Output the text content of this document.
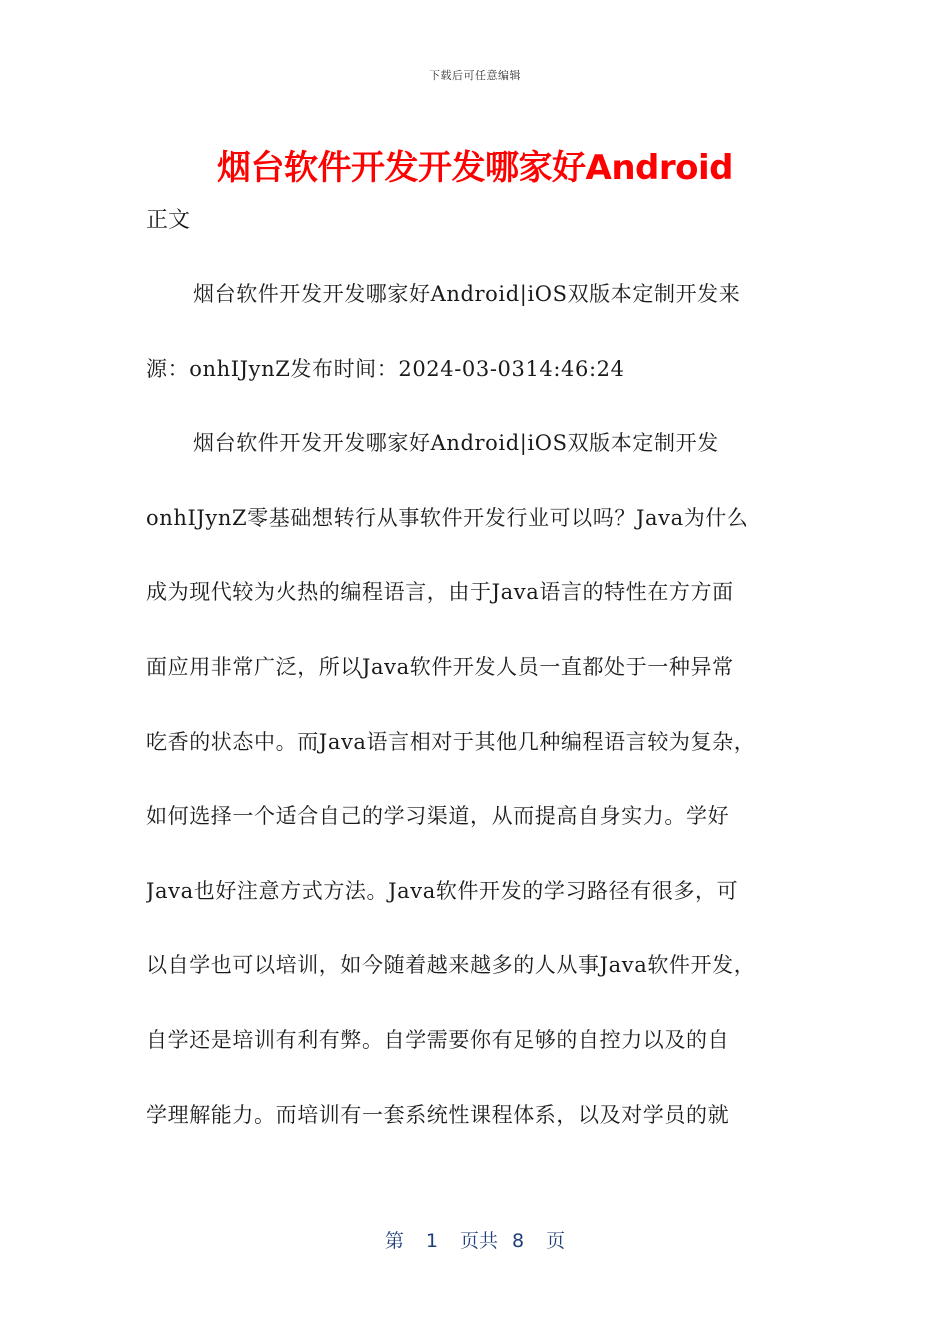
下载后可任意编辑
烟台软件开发开发哪家好Android
正文
烟台软件开发开发哪家好Android|iOS双版本定制开发来
源：onhIJynZ发布时间：2024-03-0314:46:24
烟台软件开发开发哪家好Android|iOS双版本定制开发
onhIJynZ零基础想转行从事软件开发行业可以吗？Java为什么
成为现代较为火热的编程语言，由于Java语言的特性在方方面
面应用非常广泛，所以Java软件开发人员一直都处于一种异常
吃香的状态中。而Java语言相对于其他几种编程语言较为复杂，
如何选择一个适合自己的学习渠道，从而提高自身实力。学好
Java也好注意方式方法。Java软件开发的学习路径有很多，可
以自学也可以培训，如今随着越来越多的人从事Java软件开发，
自学还是培训有利有弊。自学需要你有足够的自控力以及的自
学理解能力。而培训有一套系统性课程体系，以及对学员的就
第 1 页共 8 页
